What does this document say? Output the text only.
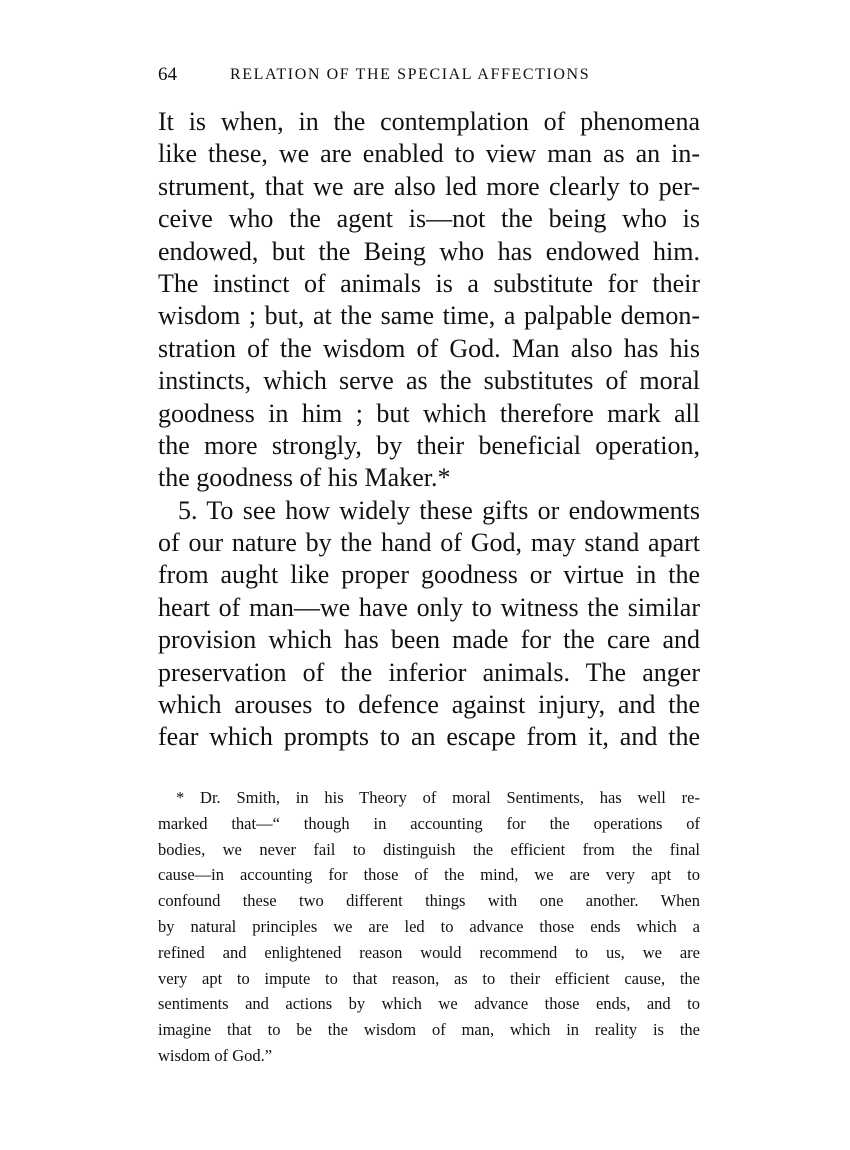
64	RELATION OF THE SPECIAL AFFECTIONS
It is when, in the contemplation of phenomena
like these, we are enabled to view man as an in-
strument, that we are also led more clearly to per-
ceive who the agent is—not the being who is
endowed, but the Being who has endowed him.
The instinct of animals is a substitute for their
wisdom ; but, at the same time, a palpable demon-
stration of the wisdom of God. Man also has his
instincts, which serve as the substitutes of moral
goodness in him ; but which therefore mark all
the more strongly, by their beneficial operation,
the goodness of his Maker.*
5. To see how widely these gifts or endowments
of our nature by the hand of God, may stand apart
from aught like proper goodness or virtue in the
heart of man—we have only to witness the similar
provision which has been made for the care and
preservation of the inferior animals. The anger
which arouses to defence against injury, and the
fear which prompts to an escape from it, and the
* Dr. Smith, in his Theory of moral Sentiments, has well re-
marked that—“ though in accounting for the operations of
bodies, we never fail to distinguish the efficient from the final
cause—in accounting for those of the mind, we are very apt to
confound these two different things with one another. When
by natural principles we are led to advance those ends which a
refined and enlightened reason would recommend to us, we are
very apt to impute to that reason, as to their efficient cause, the
sentiments and actions by which we advance those ends, and to
imagine that to be the wisdom of man, which in reality is the
wisdom of God.”
